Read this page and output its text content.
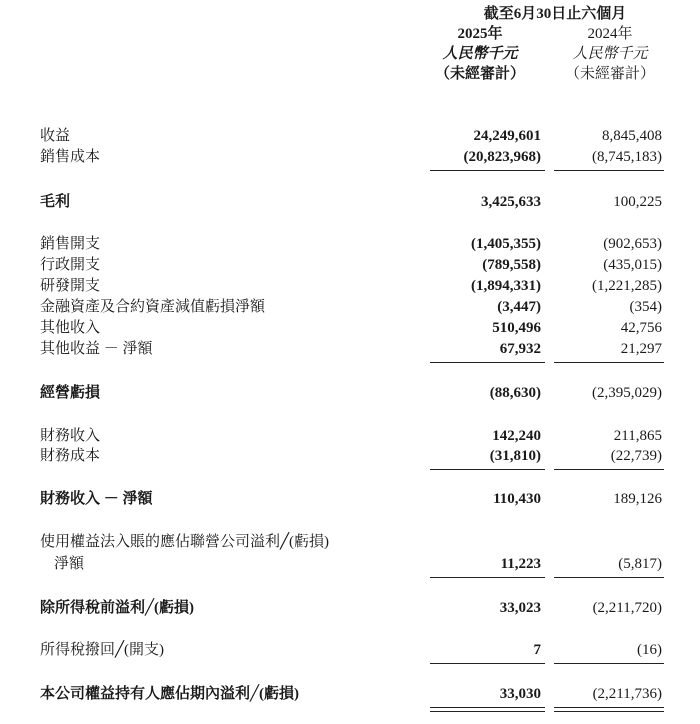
截至6月30日止六個月
2025年
人民幣千元
（未經審計）
2024年
人民幣千元
（未經審計）
收益	24,249,601	8,845,408
銷售成本	(20,823,968)	(8,745,183)
毛利	3,425,633	100,225
銷售開支	(1,405,355)	(902,653)
行政開支	(789,558)	(435,015)
研發開支	(1,894,331)	(1,221,285)
金融資產及合約資產減值虧損淨額	(3,447)	(354)
其他收入	510,496	42,756
其他收益 － 淨額	67,932	21,297
經營虧損	(88,630)	(2,395,029)
財務收入	142,240	211,865
財務成本	(31,810)	(22,739)
財務收入 － 淨額	110,430	189,126
使用權益法入賬的應佔聯營公司溢利╱(虧損)
淨額	11,223	(5,817)
除所得稅前溢利╱(虧損)	33,023	(2,211,720)
所得稅撥回╱(開支)	7	(16)
本公司權益持有人應佔期內溢利╱(虧損)	33,030	(2,211,736)
